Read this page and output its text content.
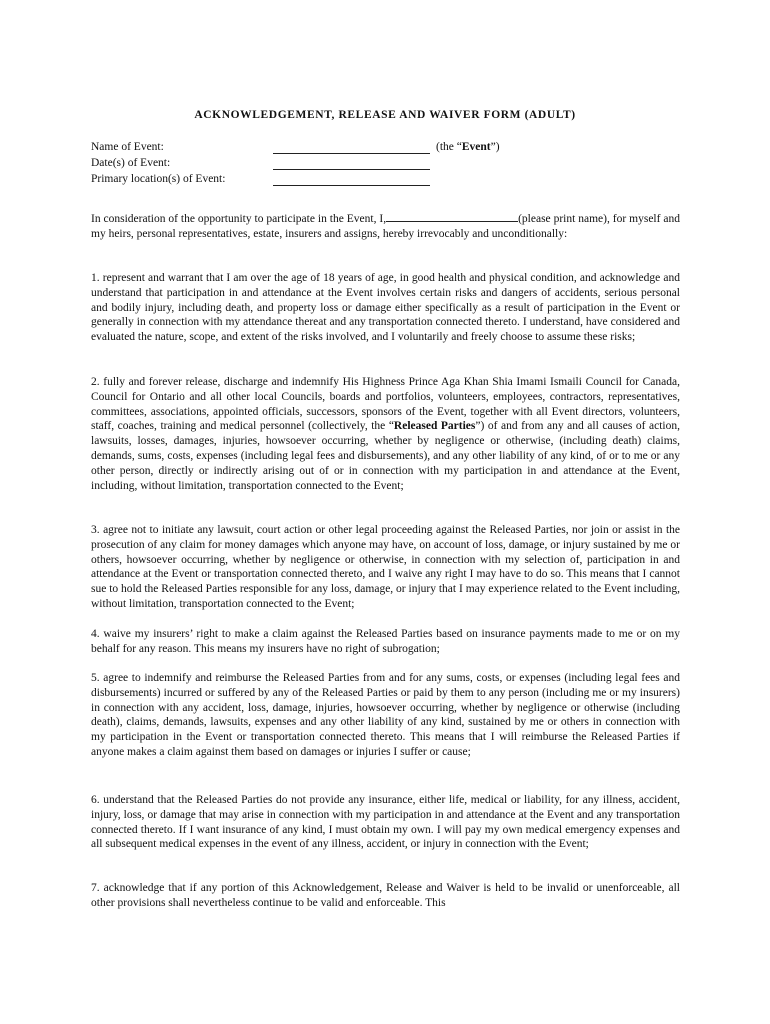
ACKNOWLEDGEMENT, RELEASE AND WAIVER FORM (ADULT)
Name of Event:	(the “Event”)
Date(s) of Event:
Primary location(s) of Event:

In consideration of the opportunity to participate in the Event, I,	(please print name), for myself and my heirs, personal representatives, estate, insurers and assigns, hereby irrevocably and unconditionally:

1. represent and warrant that I am over the age of 18 years of age, in good health and physical condition, and acknowledge and understand that participation in and attendance at the Event involves certain risks and dangers of accidents, serious personal and bodily injury, including death, and property loss or damage either specifically as a result of participation in the Event or generally in connection with my attendance thereat and any transportation connected thereto. I understand, have considered and evaluated the nature, scope, and extent of the risks involved, and I voluntarily and freely choose to assume these risks;

2. fully and forever release, discharge and indemnify His Highness Prince Aga Khan Shia Imami Ismaili Council for Canada, Council for Ontario and all other local Councils, boards and portfolios, volunteers, employees, contractors, representatives, committees, associations, appointed officials, successors, sponsors of the Event, together with all Event directors, volunteers, staff, coaches, training and medical personnel (collectively, the “Released Parties”) of and from any and all causes of action, lawsuits, losses, damages, injuries, howsoever occurring, whether by negligence or otherwise, (including death) claims, demands, sums, costs, expenses (including legal fees and disbursements), and any other liability of any kind, of or to me or any other person, directly or indirectly arising out of or in connection with my participation in and attendance at the Event, including, without limitation, transportation connected to the Event;

3. agree not to initiate any lawsuit, court action or other legal proceeding against the Released Parties, nor join or assist in the prosecution of any claim for money damages which anyone may have, on account of loss, damage, or injury sustained by me or others, howsoever occurring, whether by negligence or otherwise, in connection with my selection of, participation in and attendance at the Event or transportation connected thereto, and I waive any right I may have to do so. This means that I cannot sue to hold the Released Parties responsible for any loss, damage, or injury that I may experience related to the Event including, without limitation, transportation connected to the Event;

4. waive my insurers’ right to make a claim against the Released Parties based on insurance payments made to me or on my behalf for any reason. This means my insurers have no right of subrogation;

5. agree to indemnify and reimburse the Released Parties from and for any sums, costs, or expenses (including legal fees and disbursements) incurred or suffered by any of the Released Parties or paid by them to any person (including me or my insurers) in connection with any accident, loss, damage, injuries, howsoever occurring, whether by negligence or otherwise (including death), claims, demands, lawsuits, expenses and any other liability of any kind, sustained by me or others in connection with my participation in the Event or transportation connected thereto. This means that I will reimburse the Released Parties if anyone makes a claim against them based on damages or injuries I suffer or cause;

6. understand that the Released Parties do not provide any insurance, either life, medical or liability, for any illness, accident, injury, loss, or damage that may arise in connection with my participation in and attendance at the Event and any transportation connected thereto. If I want insurance of any kind, I must obtain my own. I will pay my own medical emergency expenses and all subsequent medical expenses in the event of any illness, accident, or injury in connection with the Event;

7. acknowledge that if any portion of this Acknowledgement, Release and Waiver is held to be invalid or unenforceable, all other provisions shall nevertheless continue to be valid and enforceable. This
